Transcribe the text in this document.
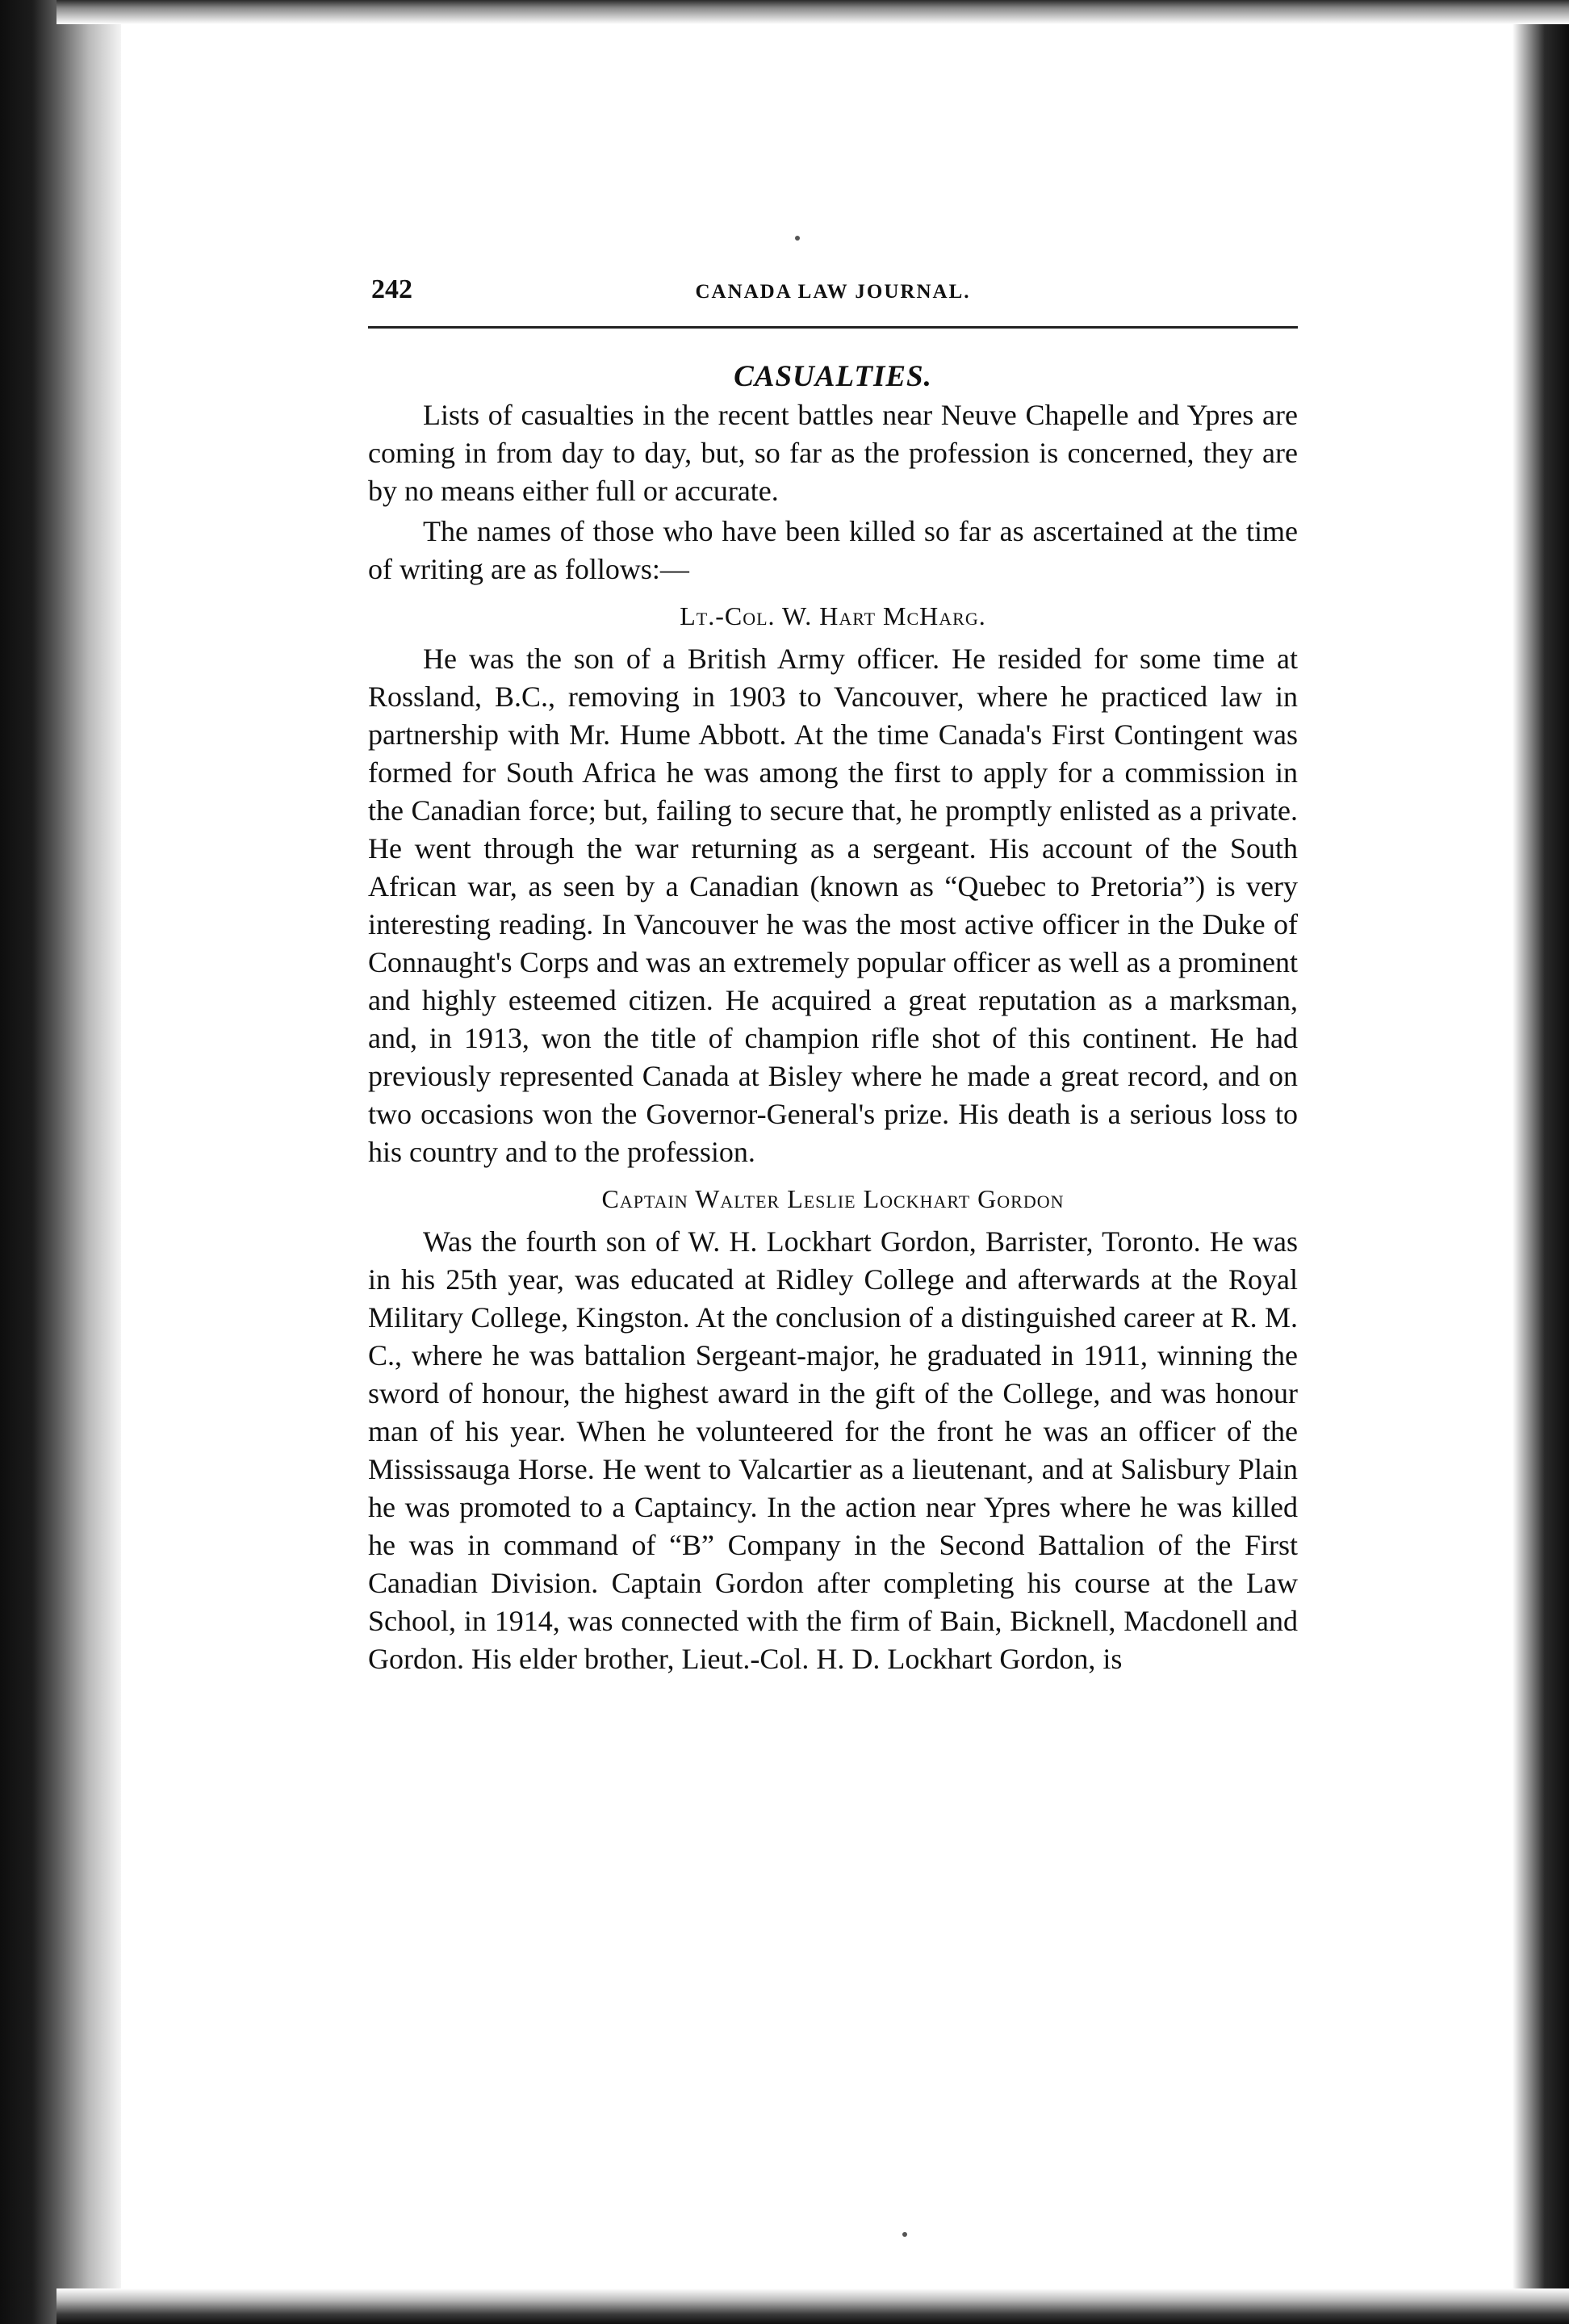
242	CANADA LAW JOURNAL.
CASUALTIES.

Lists of casualties in the recent battles near Neuve Chapelle and Ypres are coming in from day to day, but, so far as the profession is concerned, they are by no means either full or accurate.

The names of those who have been killed so far as ascertained at the time of writing are as follows:—

Lt.-Col. W. Hart McHarg.

He was the son of a British Army officer. He resided for some time at Rossland, B.C., removing in 1903 to Vancouver, where he practiced law in partnership with Mr. Hume Abbott. At the time Canada's First Contingent was formed for South Africa he was among the first to apply for a commission in the Canadian force; but, failing to secure that, he promptly enlisted as a private. He went through the war returning as a sergeant. His account of the South African war, as seen by a Canadian (known as “Quebec to Pretoria”) is very interesting reading. In Vancouver he was the most active officer in the Duke of Connaught's Corps and was an extremely popular officer as well as a prominent and highly esteemed citizen. He acquired a great reputation as a marksman, and, in 1913, won the title of champion rifle shot of this continent. He had previously represented Canada at Bisley where he made a great record, and on two occasions won the Governor-General's prize. His death is a serious loss to his country and to the profession.

Captain Walter Leslie Lockhart Gordon

Was the fourth son of W. H. Lockhart Gordon, Barrister, Toronto. He was in his 25th year, was educated at Ridley College and afterwards at the Royal Military College, Kingston. At the conclusion of a distinguished career at R. M. C., where he was battalion Sergeant-major, he graduated in 1911, winning the sword of honour, the highest award in the gift of the College, and was honour man of his year. When he volunteered for the front he was an officer of the Mississauga Horse. He went to Valcartier as a lieutenant, and at Salisbury Plain he was promoted to a Captaincy. In the action near Ypres where he was killed he was in command of “B” Company in the Second Battalion of the First Canadian Division. Captain Gordon after completing his course at the Law School, in 1914, was connected with the firm of Bain, Bicknell, Macdonell and Gordon. His elder brother, Lieut.-Col. H. D. Lockhart Gordon, is
